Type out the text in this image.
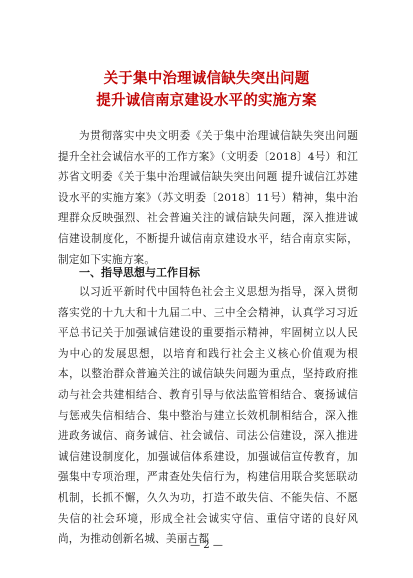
关于集中治理诚信缺失突出问题
提升诚信南京建设水平的实施方案
为贯彻落实中央文明委《关于集中治理诚信缺失突出问题提升全社会诚信水平的工作方案》（文明委〔2018〕4号）和江苏省文明委《关于集中治理诚信缺失突出问题 提升诚信江苏建设水平的实施方案》（苏文明委〔2018〕11号）精神，集中治理群众反映强烈、社会普遍关注的诚信缺失问题，深入推进诚信建设制度化，不断提升诚信南京建设水平，结合南京实际，制定如下实施方案。
一、指导思想与工作目标
以习近平新时代中国特色社会主义思想为指导，深入贯彻落实党的十九大和十九届二中、三中全会精神，认真学习习近平总书记关于加强诚信建设的重要指示精神，牢固树立以人民为中心的发展思想，以培育和践行社会主义核心价值观为根本，以整治群众普遍关注的诚信缺失问题为重点，坚持政府推动与社会共建相结合、教育引导与依法监管相结合、褒扬诚信与惩戒失信相结合、集中整治与建立长效机制相结合，深入推进政务诚信、商务诚信、社会诚信、司法公信建设，深入推进诚信建设制度化，加强诚信体系建设，加强诚信宣传教育，加强集中专项治理，严肃查处失信行为，构建信用联合奖惩联动机制，长抓不懈，久久为功，打造不敢失信、不能失信、不愿失信的社会环境，形成全社会诚实守信、重信守诺的良好风尚，为推动创新名城、美丽古都
— 2 —
